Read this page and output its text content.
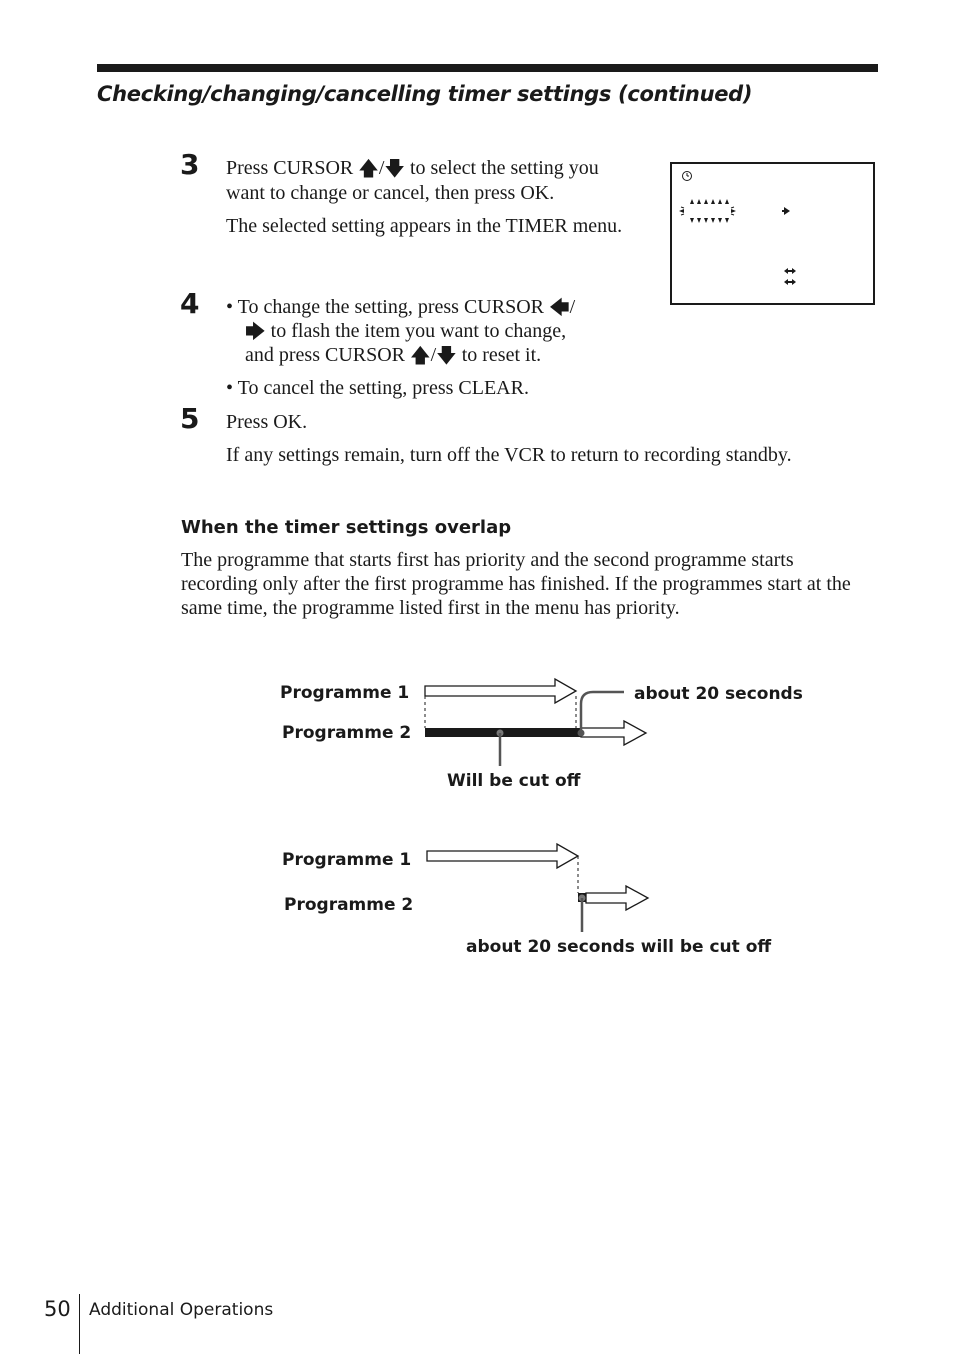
Checking/changing/cancelling timer settings (continued)
3 Press CURSOR 🡅/🡇 to select the setting you

want to change or cancel, then press OK.

The selected setting appears in the TIMER menu.

4 • To change the setting, press CURSOR 🡄/

🡆 to flash the item you want to change,

and press CURSOR 🡅/🡇 to reset it.

• To cancel the setting, press CLEAR.

5 Press OK.

If any settings remain, turn off the VCR to return to recording standby.

When the timer settings overlap

The programme that starts first has priority and the second programme starts recording only after the first programme has finished. If the programmes start at the same time, the programme listed first in the menu has priority.

Programme 1
Programme 2
about 20 seconds
Will be cut off
Programme 1
Programme 2
about 20 seconds will be cut off
50 Additional Operations
